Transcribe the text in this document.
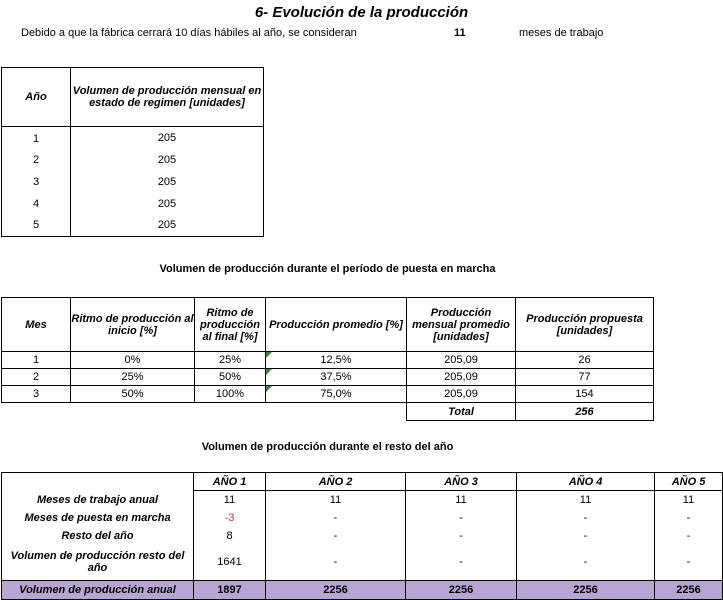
6- Evolución de la producción
Debido a que la fábrica cerrará 10 días hábiles al año, se consideran	11	meses de trabajo
Año	Volumen de producción mensual en estado de regimen [unidades]
1	205
2	205
3	205
4	205
5	205
Volumen de producción durante el período de puesta en marcha
Mes	Ritmo de producción al inicio [%]	Ritmo de producción al final [%]	Producción promedio [%]	Producción mensual promedio [unidades]	Producción propuesta [unidades]
1	0%	25%	12,5%	205,09	26
2	25%	50%	37,5%	205,09	77
3	50%	100%	75,0%	205,09	154
				Total	256
Volumen de producción durante el resto del año
	AÑO 1	AÑO 2	AÑO 3	AÑO 4	AÑO 5
Meses de trabajo anual	11	11	11	11	11
Meses de puesta en marcha	-3	-	-	-	-
Resto del año	8	-	-	-	-
Volumen de producción resto del año	1641	-	-	-	-
Volumen de producción anual	1897	2256	2256	2256	2256
